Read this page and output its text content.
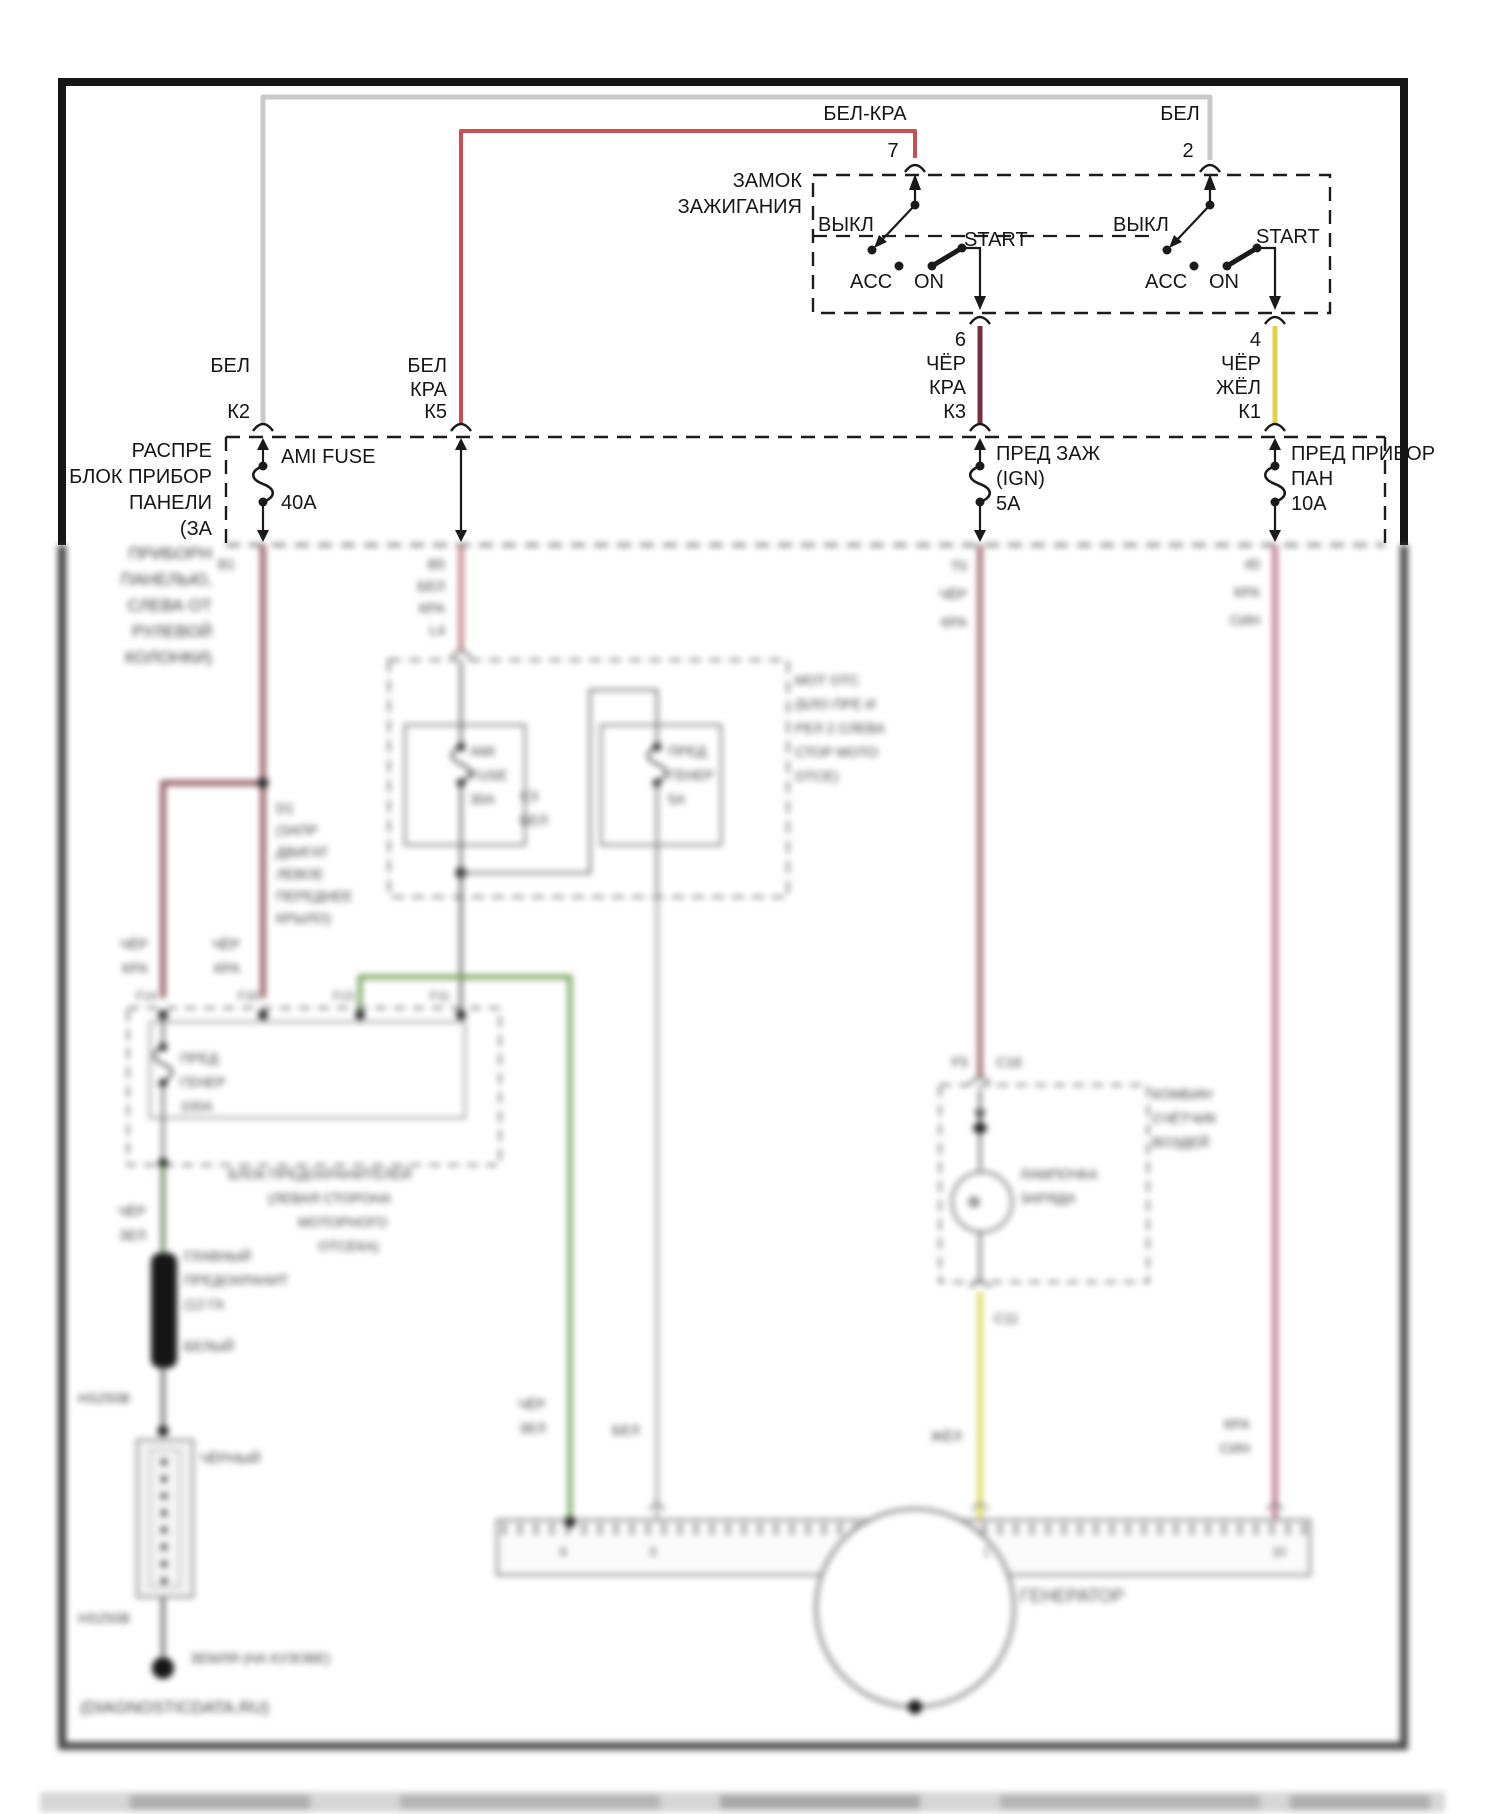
БЕЛ-КРА
7
БЕЛ
2
ЗАМОК
ЗАЖИГАНИЯ
ВЫКЛ
ACC ON
START
ВЫКЛ
ACC ON
START
БЕЛ
К2
БЕЛ
КРА
К5
6
ЧЁР
КРА
К3
4
ЧЁР
ЖЁЛ
К1
РАСПРЕ
БЛОК ПРИБОР
ПАНЕЛИ
(ЗА
AMI FUSE
40А
ПРЕД ЗАЖ
(IGN)
5А
ПРЕД ПРИБОР
ПАН
10А
ПРИБОРН
ПАНЕЛЬЮ,
СЛЕВА ОТ
РУЛЕВОЙ
КОЛОНКИ)
B1	B5
БЕЛ
КРА
L4
T5
ЧЁР
КРА
45
КРА
СИН
D1
(ЗАПР
ДВИГАТ
ЛЕВОЕ
ПЕРЕДНЕЕ
КРЫЛО)
ЧЁР
КРА
ЧЁР
КРА
F14	F16	F13	F11
ПРЕД
ГЕНЕР
100А
БЛОК ПРЕДОХРАНИТЕЛЕЙ
(ЛЕВАЯ СТОРОНА
МОТОРНОГО
ОТСЕКА)
ЧЁР
ЗЕЛ
ГЛАВНЫЙ
ПРЕДОХРАНИТ
(12 ГА
БЕЛЫЙ
HS250B
ЧЁРНЫЙ
HS250B
ЗЕМЛЯ (НА КУЗОВЕ)
(DIAGNOSTICDATA.RU)
AMI
FUSE
30А
ПРЕД
ГЕНЕР
5А
МОТ ОТС
(БЛО ПРЕ И
РЕЛ 2 СЛЕВА
СТОР МОТО
ОТСЕ)
C3
БЕЛ
F5 C16
ЛАМПОЧКА
ЗАРЯДА
КОМБИН
СЧЁТЧИК
ВОЗДЕЙ
C11
ЧЁР
ЗЕЛ	БЕЛ	ЖЁЛ
КРА
СИН
8	5	1	10
ГЕНЕРАТОР
